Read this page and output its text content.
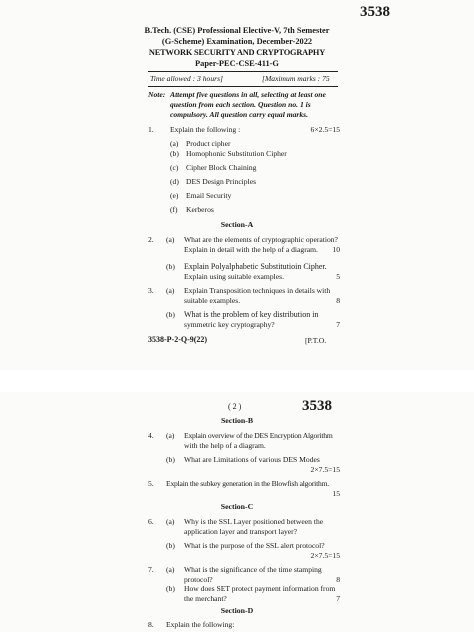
3538
B.Tech. (CSE) Professional Elective-V, 7th Semester
(G-Scheme) Examination, December-2022
NETWORK SECURITY AND CRYPTOGRAPHY
Paper-PEC-CSE-411-G
Time allowed : 3 hours]	[Maximum marks : 75
Note: Attempt five questions in all, selecting at least one
question from each section. Question no. 1 is
compulsory. All question carry equal marks.
1. Explain the following :	6×2.5=15
(a) Product cipher
(b) Homophonic Substitution Cipher
(c) Cipher Block Chaining
(d) DES Design Principles
(e) Email Security
(f) Kerberos
Section-A
2. (a) What are the elements of cryptographic operation?
Explain in detail with the help of a diagram.	10
(b) Explain Polyalphabetic Substitutioin Cipher.
Explain using suitable examples.	5
3. (a) Explain Transposition techniques in details with
suitable examples.	8
(b) What is the problem of key distribution in
symmetric key cryptography?	7
3538-P-2-Q-9(22)	[P.T.O.
( 2 )	3538
Section-B
4. (a) Explain overview of the DES Encryption Algorithm
with the help of a diagram.
(b) What are Limitations of various DES Modes
2×7.5=15
5. Explain the subkey generation in the Blowfish algorithm.
15
Section-C
6. (a) Why is the SSL Layer positioned between the
application layer and transport layer?
(b) What is the purpose of the SSL alert protocol?
2×7.5=15
7. (a) What is the significance of the time stamping
protocol?	8
(b) How does SET protect payment information from
the merchant?	7
Section-D
8. Explain the following:
